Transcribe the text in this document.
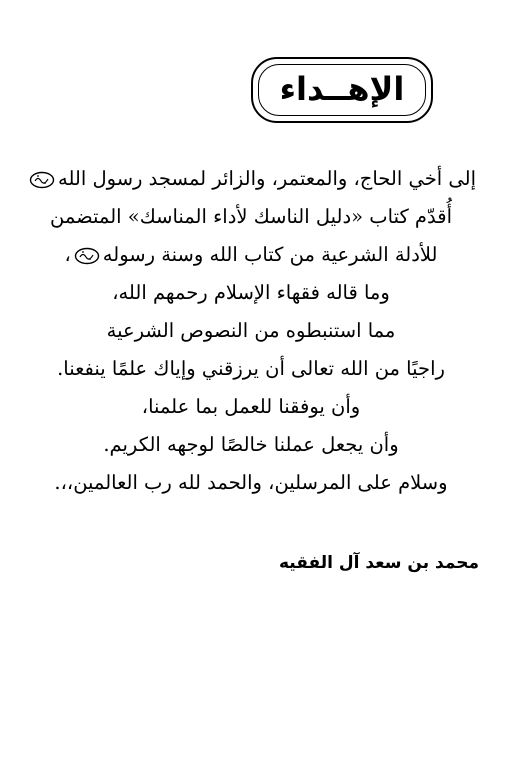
الإهــداء
إلى أخي الحاج، والمعتمر، والزائر لمسجد رسول الله
أُقدّم كتاب «دليل الناسك لأداء المناسك» المتضمن
للأدلة الشرعية من كتاب الله وسنة رسوله،
وما قاله فقهاء الإسلام رحمهم الله،
مما استنبطوه من النصوص الشرعية
راجيًا من الله تعالى أن يرزقني وإياك علمًا ينفعنا.
وأن يوفقنا للعمل بما علمنا،
وأن يجعل عملنا خالصًا لوجهه الكريم.
وسلام على المرسلين، والحمد لله رب العالمين،،.
محمد بن سعد آل الفقيه
